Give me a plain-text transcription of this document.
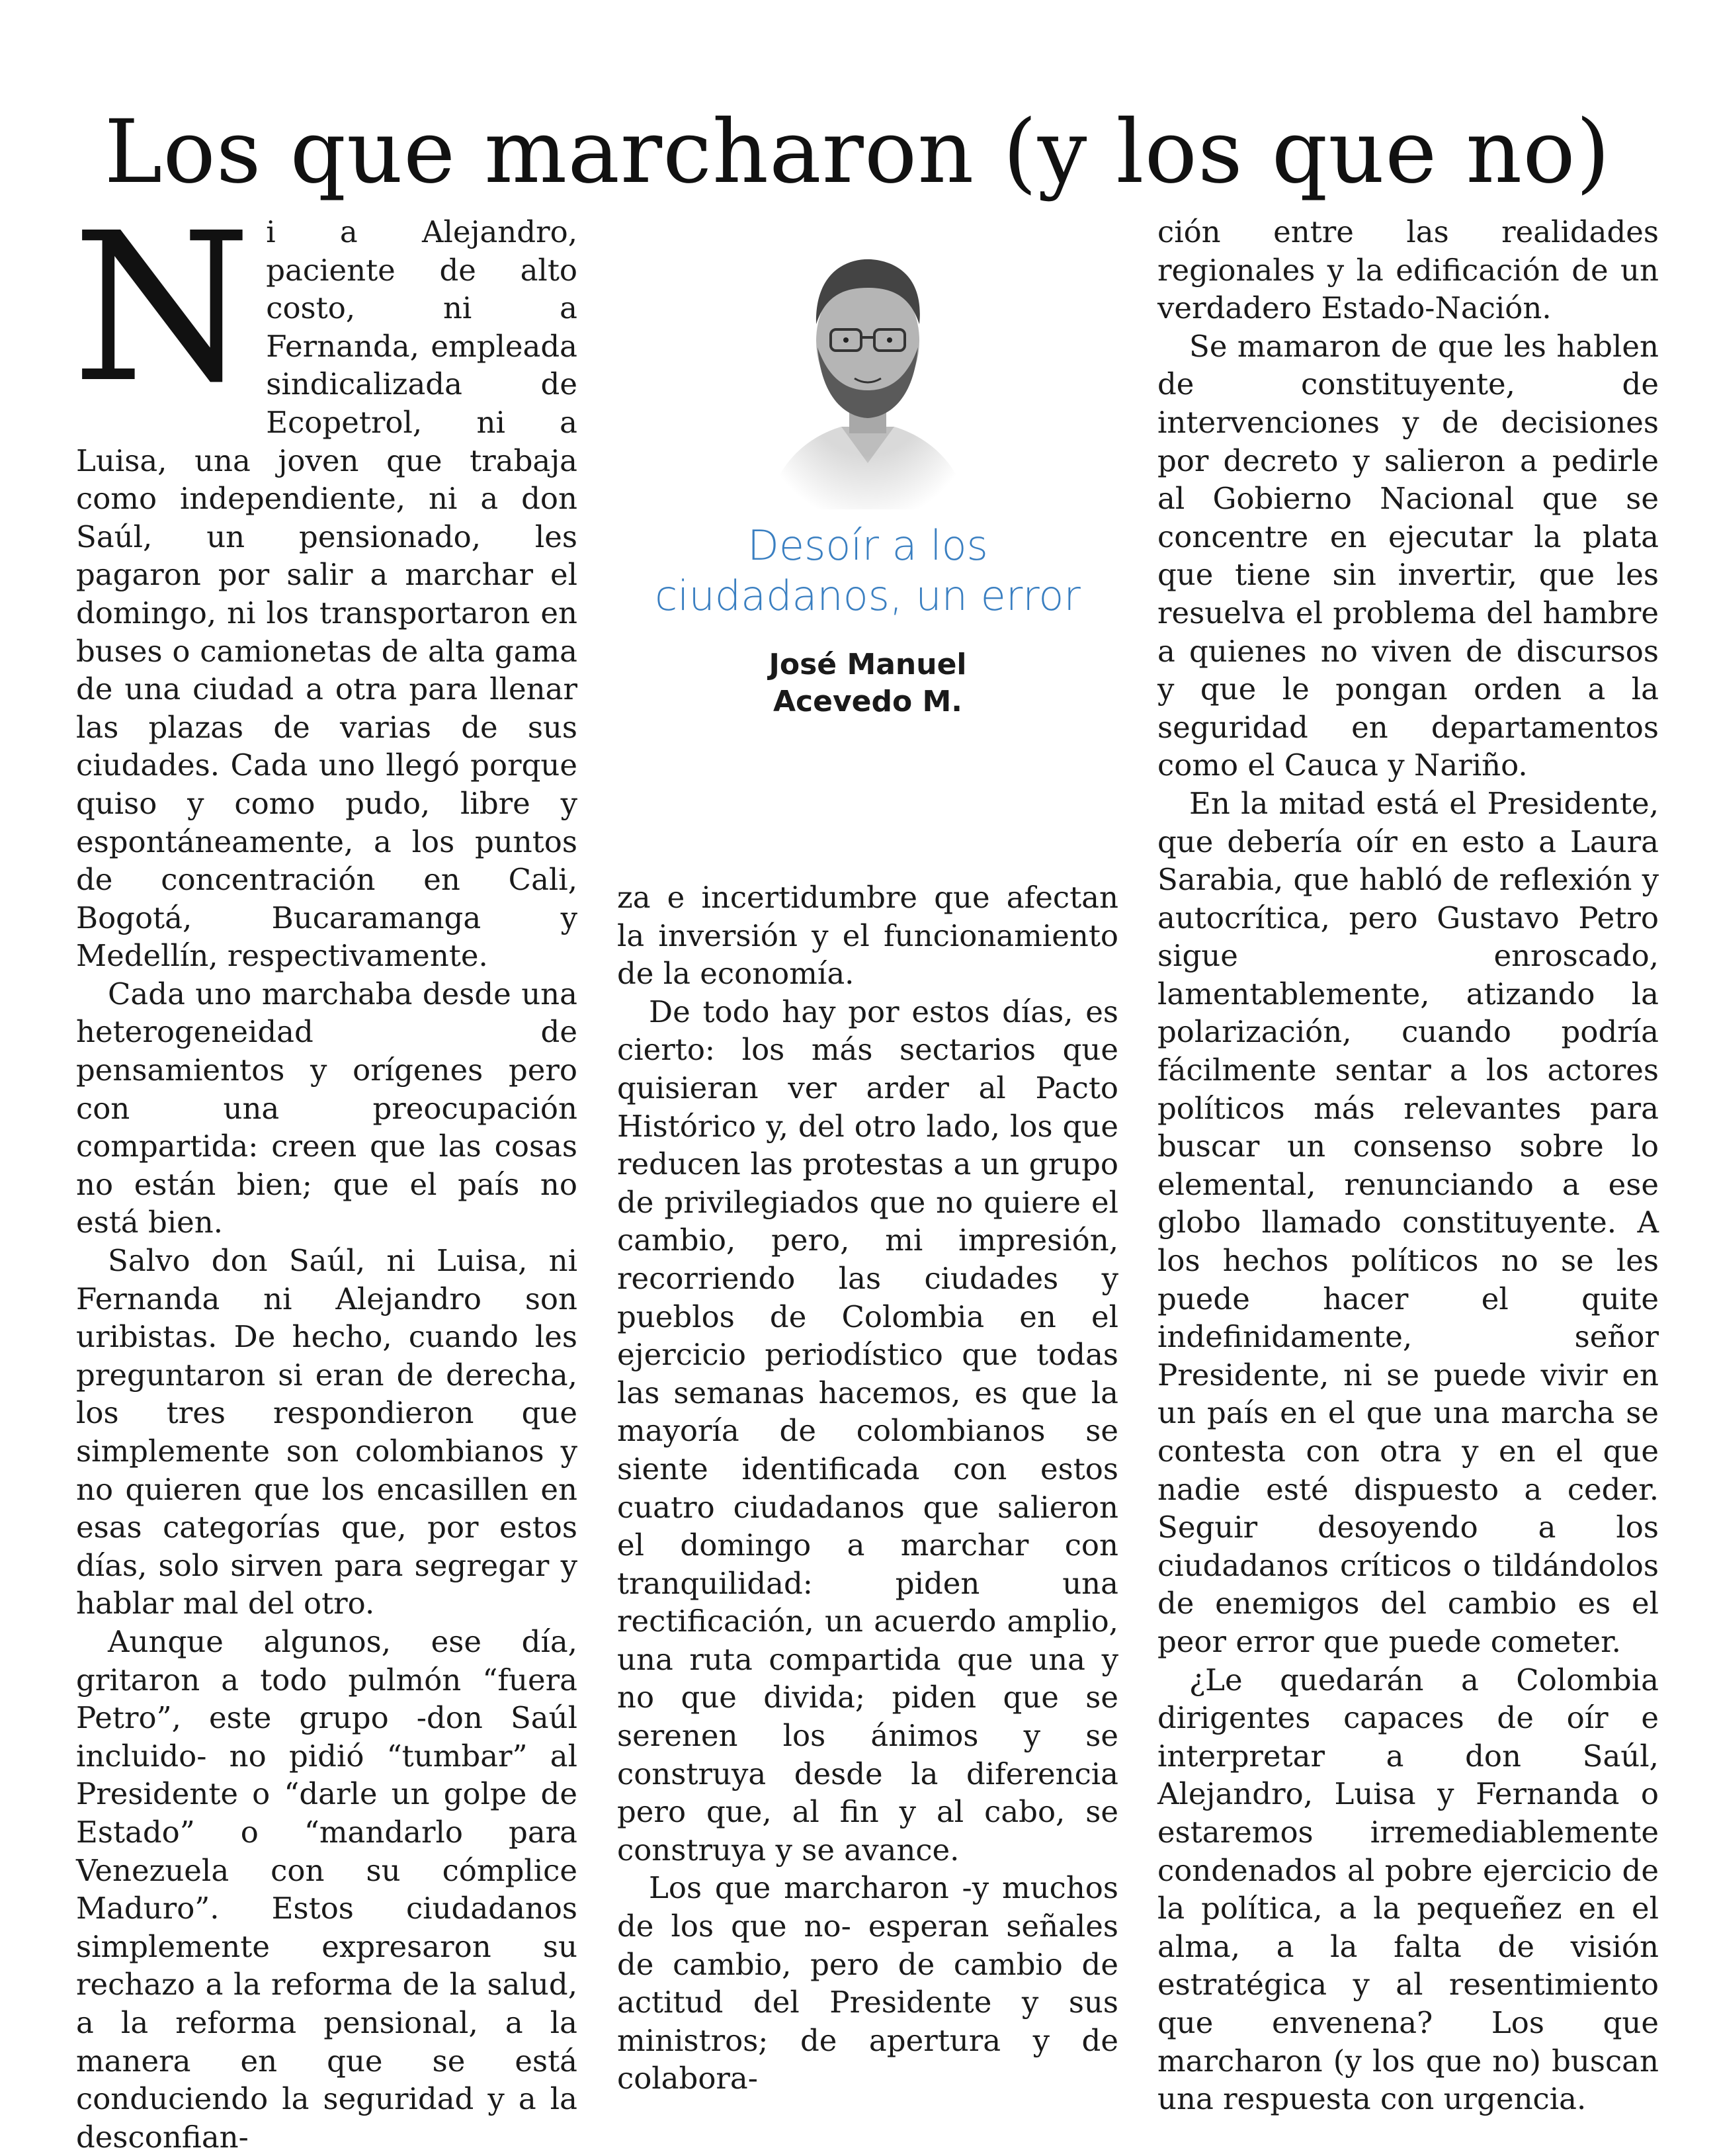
Los que marcharon (y los que no)

Ni a Alejandro, paciente de alto costo, ni a Fernanda, empleada sindicalizada de Ecopetrol, ni a Luisa, una joven que trabaja como independiente, ni a don Saúl, un pensionado, les pagaron por salir a marchar el domingo, ni los transportaron en buses o camionetas de alta gama de una ciudad a otra para llenar las plazas de varias de sus ciudades. Cada uno llegó porque quiso y como pudo, libre y espontáneamente, a los puntos de concentración en Cali, Bogotá, Bucaramanga y Medellín, respectivamente.

Cada uno marchaba desde una heterogeneidad de pensamientos y orígenes pero con una preocupación compartida: creen que las cosas no están bien; que el país no está bien.

Salvo don Saúl, ni Luisa, ni Fernanda ni Alejandro son uribistas. De hecho, cuando les preguntaron si eran de derecha, los tres respondieron que simplemente son colombianos y no quieren que los encasillen en esas categorías que, por estos días, solo sirven para segregar y hablar mal del otro.

Aunque algunos, ese día, gritaron a todo pulmón “fuera Petro”, este grupo -don Saúl incluido- no pidió “tumbar” al Presidente o “darle un golpe de Estado” o “mandarlo para Venezuela con su cómplice Maduro”. Estos ciudadanos simplemente expresaron su rechazo a la reforma de la salud, a la reforma pensional, a la manera en que se está conduciendo la seguridad y a la desconfian-

Desoír a los
ciudadanos, un error
José Manuel
Acevedo M.

za e incertidumbre que afectan la inversión y el funcionamiento de la economía.

De todo hay por estos días, es cierto: los más sectarios que quisieran ver arder al Pacto Histórico y, del otro lado, los que reducen las protestas a un grupo de privilegiados que no quiere el cambio, pero, mi impresión, recorriendo las ciudades y pueblos de Colombia en el ejercicio periodístico que todas las semanas hacemos, es que la mayoría de colombianos se siente identificada con estos cuatro ciudadanos que salieron el domingo a marchar con tranquilidad: piden una rectificación, un acuerdo amplio, una ruta compartida que una y no que divida; piden que se serenen los ánimos y se construya desde la diferencia pero que, al fin y al cabo, se construya y se avance.

Los que marcharon -y muchos de los que no- esperan señales de cambio, pero de cambio de actitud del Presidente y sus ministros; de apertura y de colabora-

ción entre las realidades regionales y la edificación de un verdadero Estado-Nación.

Se mamaron de que les hablen de constituyente, de intervenciones y de decisiones por decreto y salieron a pedirle al Gobierno Nacional que se concentre en ejecutar la plata que tiene sin invertir, que les resuelva el problema del hambre a quienes no viven de discursos y que le pongan orden a la seguridad en departamentos como el Cauca y Nariño.

En la mitad está el Presidente, que debería oír en esto a Laura Sarabia, que habló de reflexión y autocrítica, pero Gustavo Petro sigue enroscado, lamentablemente, atizando la polarización, cuando podría fácilmente sentar a los actores políticos más relevantes para buscar un consenso sobre lo elemental, renunciando a ese globo llamado constituyente. A los hechos políticos no se les puede hacer el quite indefinidamente, señor Presidente, ni se puede vivir en un país en el que una marcha se contesta con otra y en el que nadie esté dispuesto a ceder. Seguir desoyendo a los ciudadanos críticos o tildándolos de enemigos del cambio es el peor error que puede cometer.

¿Le quedarán a Colombia dirigentes capaces de oír e interpretar a don Saúl, Alejandro, Luisa y Fernanda o estaremos irremediablemente condenados al pobre ejercicio de la política, a la pequeñez en el alma, a la falta de visión estratégica y al resentimiento que envenena? Los que marcharon (y los que no) buscan una respuesta con urgencia.
